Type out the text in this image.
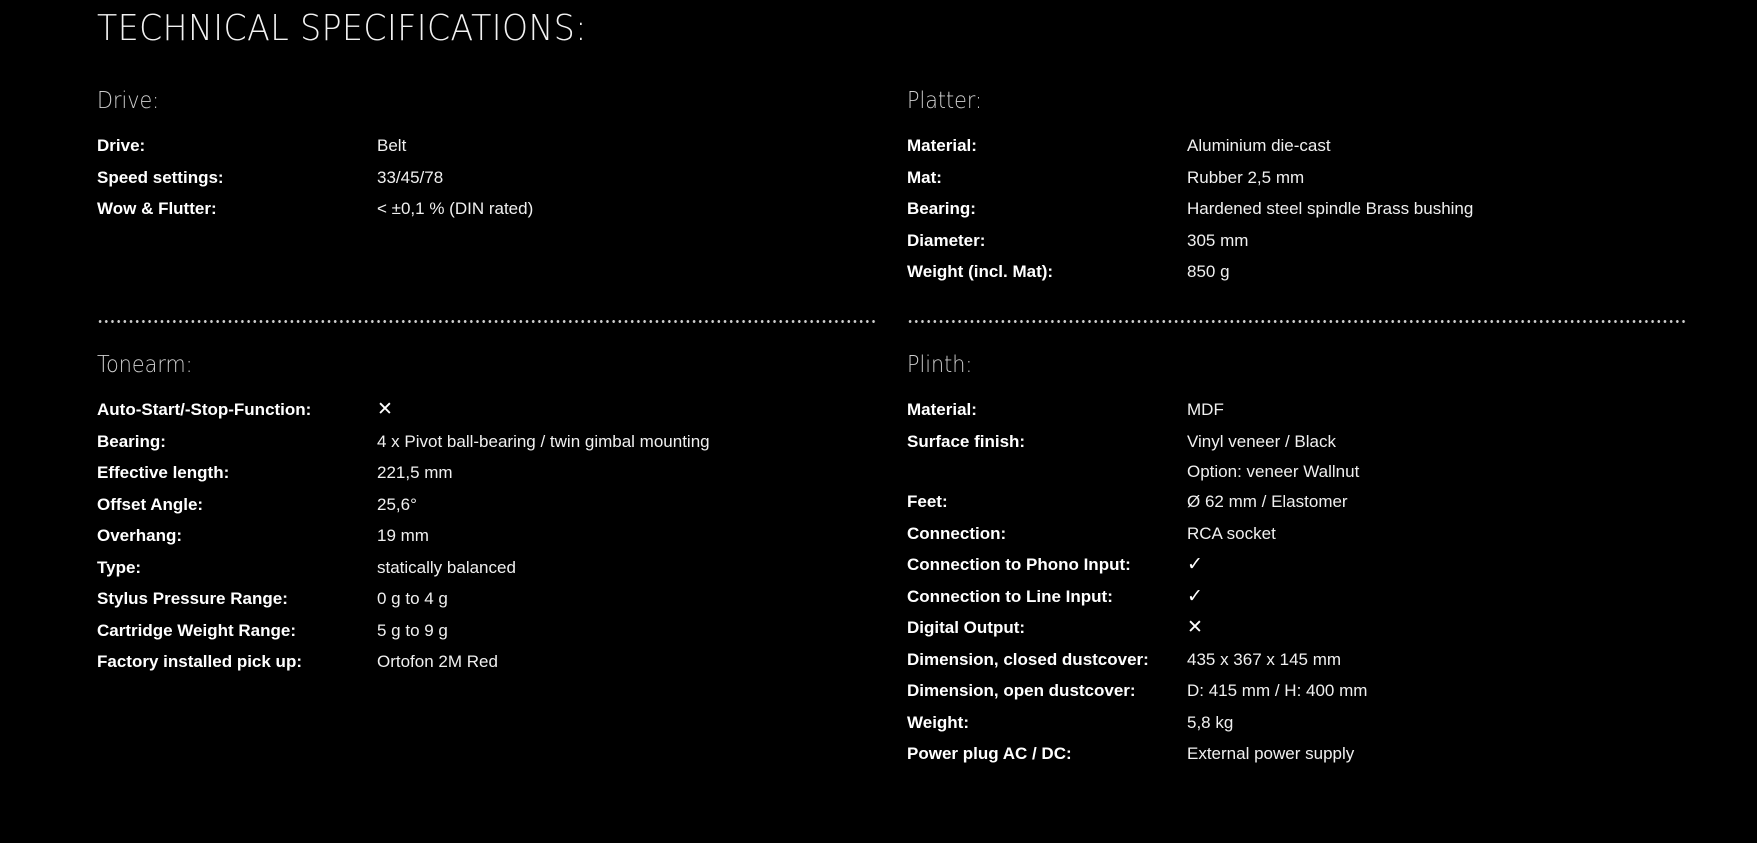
TECHNICAL SPECIFICATIONS:
Drive:
Drive:	Belt
Speed settings:	33/45/78
Wow & Flutter:	< ±0,1 % (DIN rated)
Platter:
Material:	Aluminium die-cast
Mat:	Rubber 2,5 mm
Bearing:	Hardened steel spindle Brass bushing
Diameter:	305 mm
Weight (incl. Mat):	850 g
Tonearm:
Auto-Start/-Stop-Function:	✕
Bearing:	4 x Pivot ball-bearing / twin gimbal mounting
Effective length:	221,5 mm
Offset Angle:	25,6°
Overhang:	19 mm
Type:	statically balanced
Stylus Pressure Range:	0 g to 4 g
Cartridge Weight Range:	5 g to 9 g
Factory installed pick up:	Ortofon 2M Red
Plinth:
Material:	MDF
Surface finish:	Vinyl veneer / Black
Option: veneer Wallnut
Feet:	Ø 62 mm / Elastomer
Connection:	RCA socket
Connection to Phono Input:	✓
Connection to Line Input:	✓
Digital Output:	✕
Dimension, closed dustcover:	435 x 367 x 145 mm
Dimension, open dustcover:	D: 415 mm / H: 400 mm
Weight:	5,8 kg
Power plug AC / DC:	External power supply
